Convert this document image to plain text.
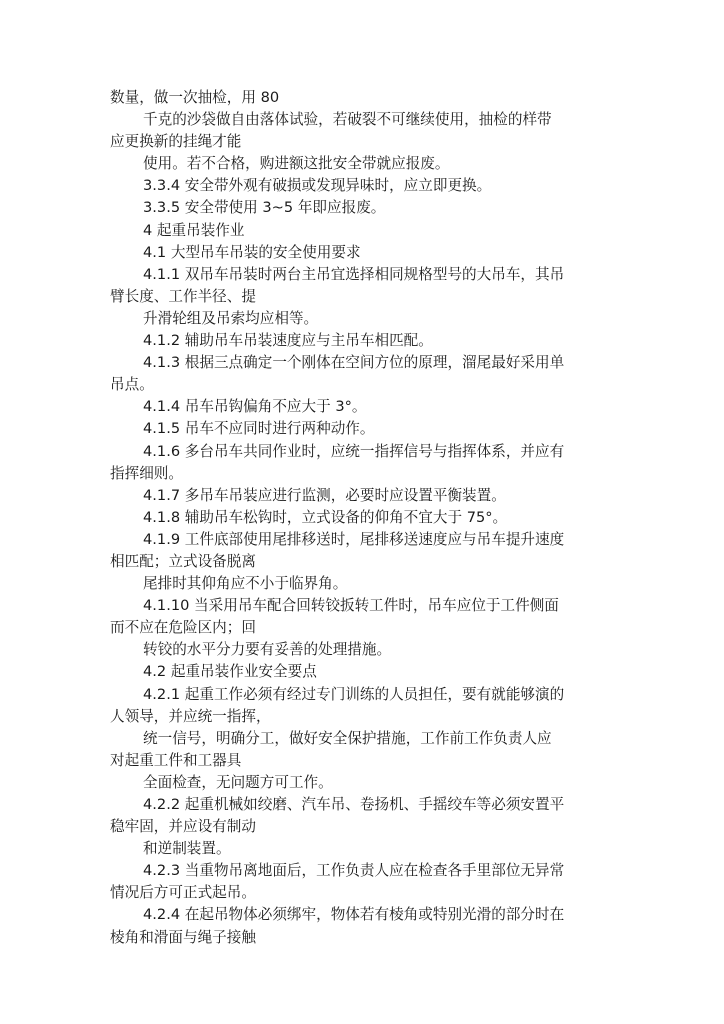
数量，做一次抽检，用 80

千克的沙袋做自由落体试验，若破裂不可继续使用，抽检的样带

应更换新的挂绳才能

使用。若不合格，购进额这批安全带就应报废。

3.3.4 安全带外观有破损或发现异味时，应立即更换。

3.3.5 安全带使用 3~5 年即应报废。

4 起重吊装作业

4.1 大型吊车吊装的安全使用要求

4.1.1 双吊车吊装时两台主吊宜选择相同规格型号的大吊车，其吊

臂长度、工作半径、提

升滑轮组及吊索均应相等。

4.1.2 辅助吊车吊装速度应与主吊车相匹配。

4.1.3 根据三点确定一个刚体在空间方位的原理，溜尾最好采用单

吊点。

4.1.4 吊车吊钩偏角不应大于 3°。

4.1.5 吊车不应同时进行两种动作。

4.1.6 多台吊车共同作业时，应统一指挥信号与指挥体系，并应有

指挥细则。

4.1.7 多吊车吊装应进行监测，必要时应设置平衡装置。

4.1.8 辅助吊车松钩时，立式设备的仰角不宜大于 75°。

4.1.9 工件底部使用尾排移送时，尾排移送速度应与吊车提升速度

相匹配；立式设备脱离

尾排时其仰角应不小于临界角。

4.1.10 当采用吊车配合回转铰扳转工件时，吊车应位于工件侧面

而不应在危险区内；回

转铰的水平分力要有妥善的处理措施。

4.2 起重吊装作业安全要点

4.2.1 起重工作必须有经过专门训练的人员担任，要有就能够演的

人领导，并应统一指挥，

统一信号，明确分工，做好安全保护措施，工作前工作负责人应

对起重工件和工器具

全面检查，无问题方可工作。

4.2.2 起重机械如绞磨、汽车吊、卷扬机、手摇绞车等必须安置平

稳牢固，并应设有制动

和逆制装置。

4.2.3 当重物吊离地面后，工作负责人应在检查各手里部位无异常

情况后方可正式起吊。

4.2.4 在起吊物体必须绑牢，物体若有棱角或特别光滑的部分时在

棱角和滑面与绳子接触
